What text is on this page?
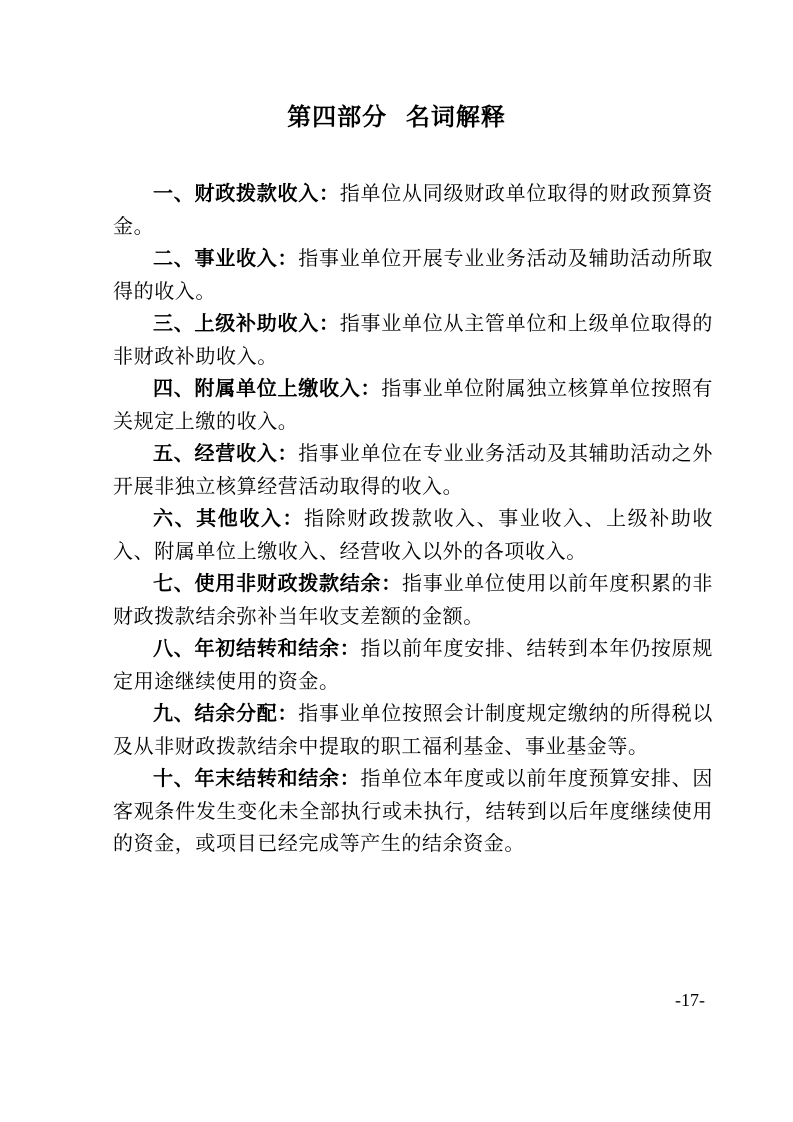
第四部分  名词解释

一、财政拨款收入：指单位从同级财政单位取得的财政预算资金。

二、事业收入：指事业单位开展专业业务活动及辅助活动所取得的收入。

三、上级补助收入：指事业单位从主管单位和上级单位取得的非财政补助收入。

四、附属单位上缴收入：指事业单位附属独立核算单位按照有关规定上缴的收入。

五、经营收入：指事业单位在专业业务活动及其辅助活动之外开展非独立核算经营活动取得的收入。

六、其他收入：指除财政拨款收入、事业收入、上级补助收入、附属单位上缴收入、经营收入以外的各项收入。

七、使用非财政拨款结余：指事业单位使用以前年度积累的非财政拨款结余弥补当年收支差额的金额。

八、年初结转和结余：指以前年度安排、结转到本年仍按原规定用途继续使用的资金。

九、结余分配：指事业单位按照会计制度规定缴纳的所得税以及从非财政拨款结余中提取的职工福利基金、事业基金等。

十、年末结转和结余：指单位本年度或以前年度预算安排、因客观条件发生变化未全部执行或未执行，结转到以后年度继续使用的资金，或项目已经完成等产生的结余资金。

-17-
